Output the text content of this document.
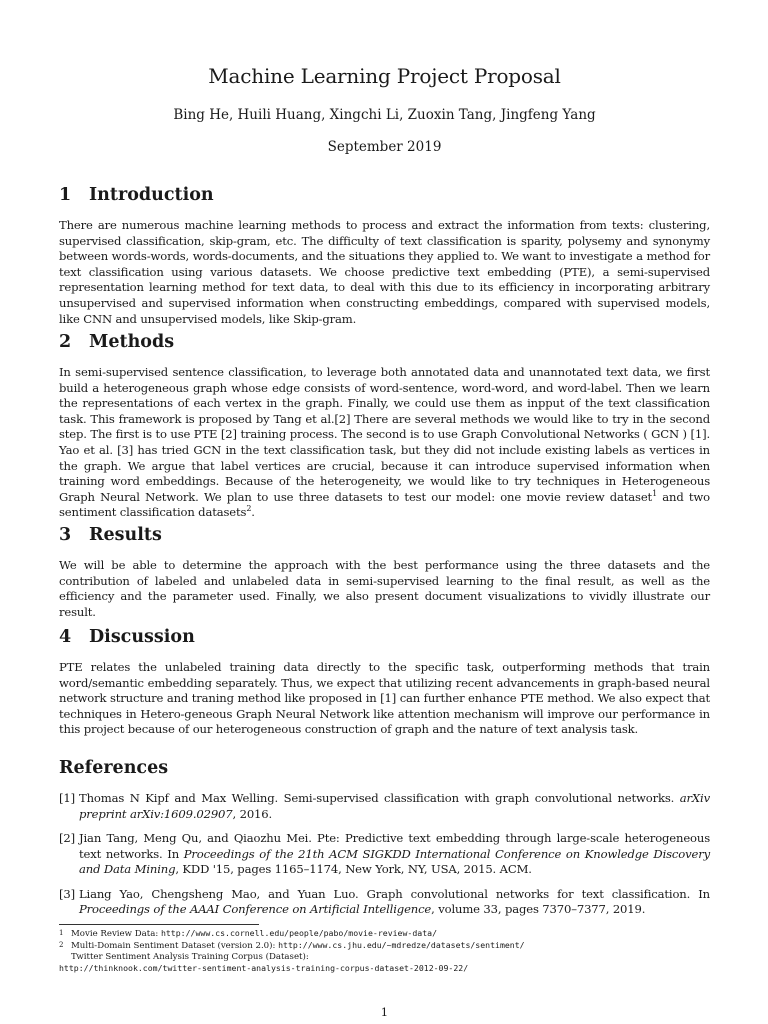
Machine Learning Project Proposal
Bing He, Huili Huang, Xingchi Li, Zuoxin Tang, Jingfeng Yang
September 2019
1	Introduction
There are numerous machine learning methods to process and extract the information from texts: clustering, supervised classification, skip-gram, etc. The difficulty of text classification is sparity, polysemy and synonymy between words-words, words-documents, and the situations they applied to. We want to investigate a method for text classification using various datasets. We choose predictive text embedding (PTE), a semi-supervised representation learning method for text data, to deal with this due to its efficiency in incorporating arbitrary unsupervised and supervised information when constructing embeddings, compared with supervised models, like CNN and unsupervised models, like Skip-gram.
2	Methods
In semi-supervised sentence classification, to leverage both annotated data and unannotated text data, we first build a heterogeneous graph whose edge consists of word-sentence, word-word, and word-label. Then we learn the representations of each vertex in the graph. Finally, we could use them as inpput of the text classification task. This framework is proposed by Tang et al.[2] There are several methods we would like to try in the second step. The first is to use PTE [2] training process. The second is to use Graph Convolutional Networks ( GCN ) [1]. Yao et al. [3] has tried GCN in the text classification task, but they did not include existing labels as vertices in the graph. We argue that label vertices are crucial, because it can introduce supervised information when training word embeddings. Because of the heterogeneity, we would like to try techniques in Heterogeneous Graph Neural Network. We plan to use three datasets to test our model: one movie review dataset$^1$ and two sentiment classification datasets$^2$.
3	Results
We will be able to determine the approach with the best performance using the three datasets and the contribution of labeled and unlabeled data in semi-supervised learning to the final result, as well as the efficiency and the parameter used. Finally, we also present document visualizations to vividly illustrate our result.
4	Discussion
PTE relates the unlabeled training data directly to the specific task, outperforming methods that train word/semantic embedding separately. Thus, we expect that utilizing recent advancements in graph-based neural network structure and traning method like proposed in [1] can further enhance PTE method. We also expect that techniques in Hetero-geneous Graph Neural Network like attention mechanism will improve our performance in this project because of our heterogeneous construction of graph and the nature of text analysis task.
References
[1] Thomas N Kipf and Max Welling. Semi-supervised classification with graph convolutional networks. arXiv preprint arXiv:1609.02907, 2016.
[2] Jian Tang, Meng Qu, and Qiaozhu Mei. Pte: Predictive text embedding through large-scale heterogeneous text networks. In Proceedings of the 21th ACM SIGKDD International Conference on Knowledge Discovery and Data Mining, KDD '15, pages 1165–1174, New York, NY, USA, 2015. ACM.
[3] Liang Yao, Chengsheng Mao, and Yuan Luo. Graph convolutional networks for text classification. In Proceedings of the AAAI Conference on Artificial Intelligence, volume 33, pages 7370–7377, 2019.
1 Movie Review Data: http://www.cs.cornell.edu/people/pabo/movie-review-data/
2 Multi-Domain Sentiment Dataset (version 2.0): http://www.cs.jhu.edu/~mdredze/datasets/sentiment/
Twitter Sentiment Analysis Training Corpus (Dataset):
http://thinknook.com/twitter-sentiment-analysis-training-corpus-dataset-2012-09-22/
1
